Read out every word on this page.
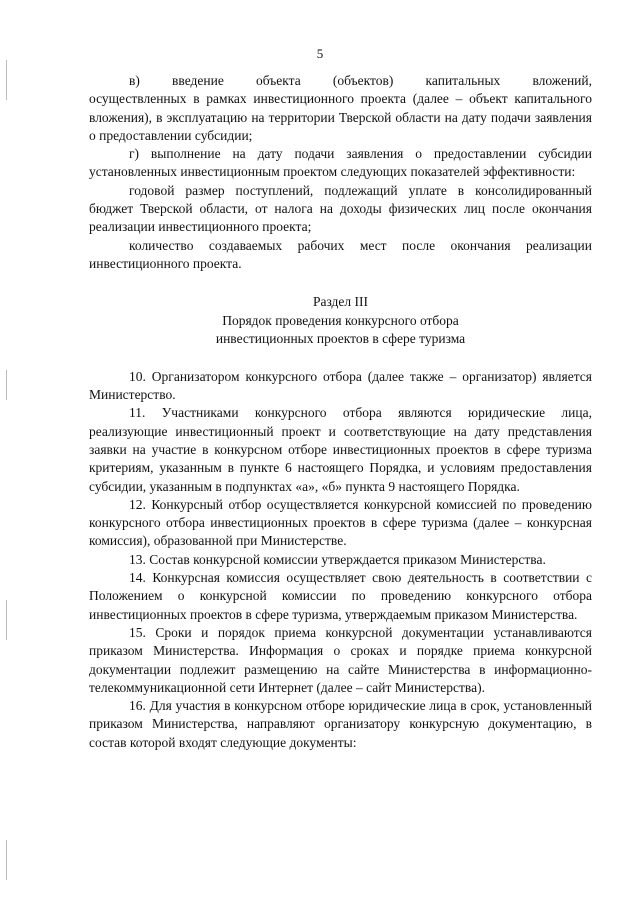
5

в)     введение     объекта     (объектов)     капитальных     вложений, осуществленных в рамках инвестиционного проекта (далее – объект капитального вложения), в эксплуатацию на территории Тверской области на дату подачи заявления о предоставлении субсидии;

г) выполнение на дату подачи заявления о предоставлении субсидии установленных инвестиционным проектом следующих показателей эффективности:

годовой размер поступлений, подлежащий уплате в консолидированный бюджет Тверской области, от налога на доходы физических лиц после окончания реализации инвестиционного проекта;

количество создаваемых рабочих мест после окончания реализации инвестиционного проекта.

Раздел III
Порядок проведения конкурсного отбора
инвестиционных проектов в сфере туризма

10. Организатором конкурсного отбора (далее также – организатор) является Министерство.

11. Участниками конкурсного отбора являются юридические лица, реализующие инвестиционный проект и соответствующие на дату представления заявки на участие в конкурсном отборе инвестиционных проектов в сфере туризма критериям, указанным в пункте 6 настоящего Порядка, и условиям предоставления субсидии, указанным в подпунктах «а», «б» пункта 9 настоящего Порядка.

12. Конкурсный отбор осуществляется конкурсной комиссией по проведению конкурсного отбора инвестиционных проектов в сфере туризма (далее – конкурсная комиссия), образованной при Министерстве.

13. Состав конкурсной комиссии утверждается приказом Министерства.

14. Конкурсная комиссия осуществляет свою деятельность в соответствии с Положением о конкурсной комиссии по проведению конкурсного отбора инвестиционных проектов в сфере туризма, утверждаемым приказом Министерства.

15. Сроки и порядок приема конкурсной документации устанавливаются приказом Министерства. Информация о сроках и порядке приема конкурсной документации подлежит размещению на сайте Министерства в информационно-телекоммуникационной сети Интернет (далее – сайт Министерства).

16. Для участия в конкурсном отборе юридические лица в срок, установленный приказом Министерства, направляют организатору конкурсную документацию, в состав которой входят следующие документы:
